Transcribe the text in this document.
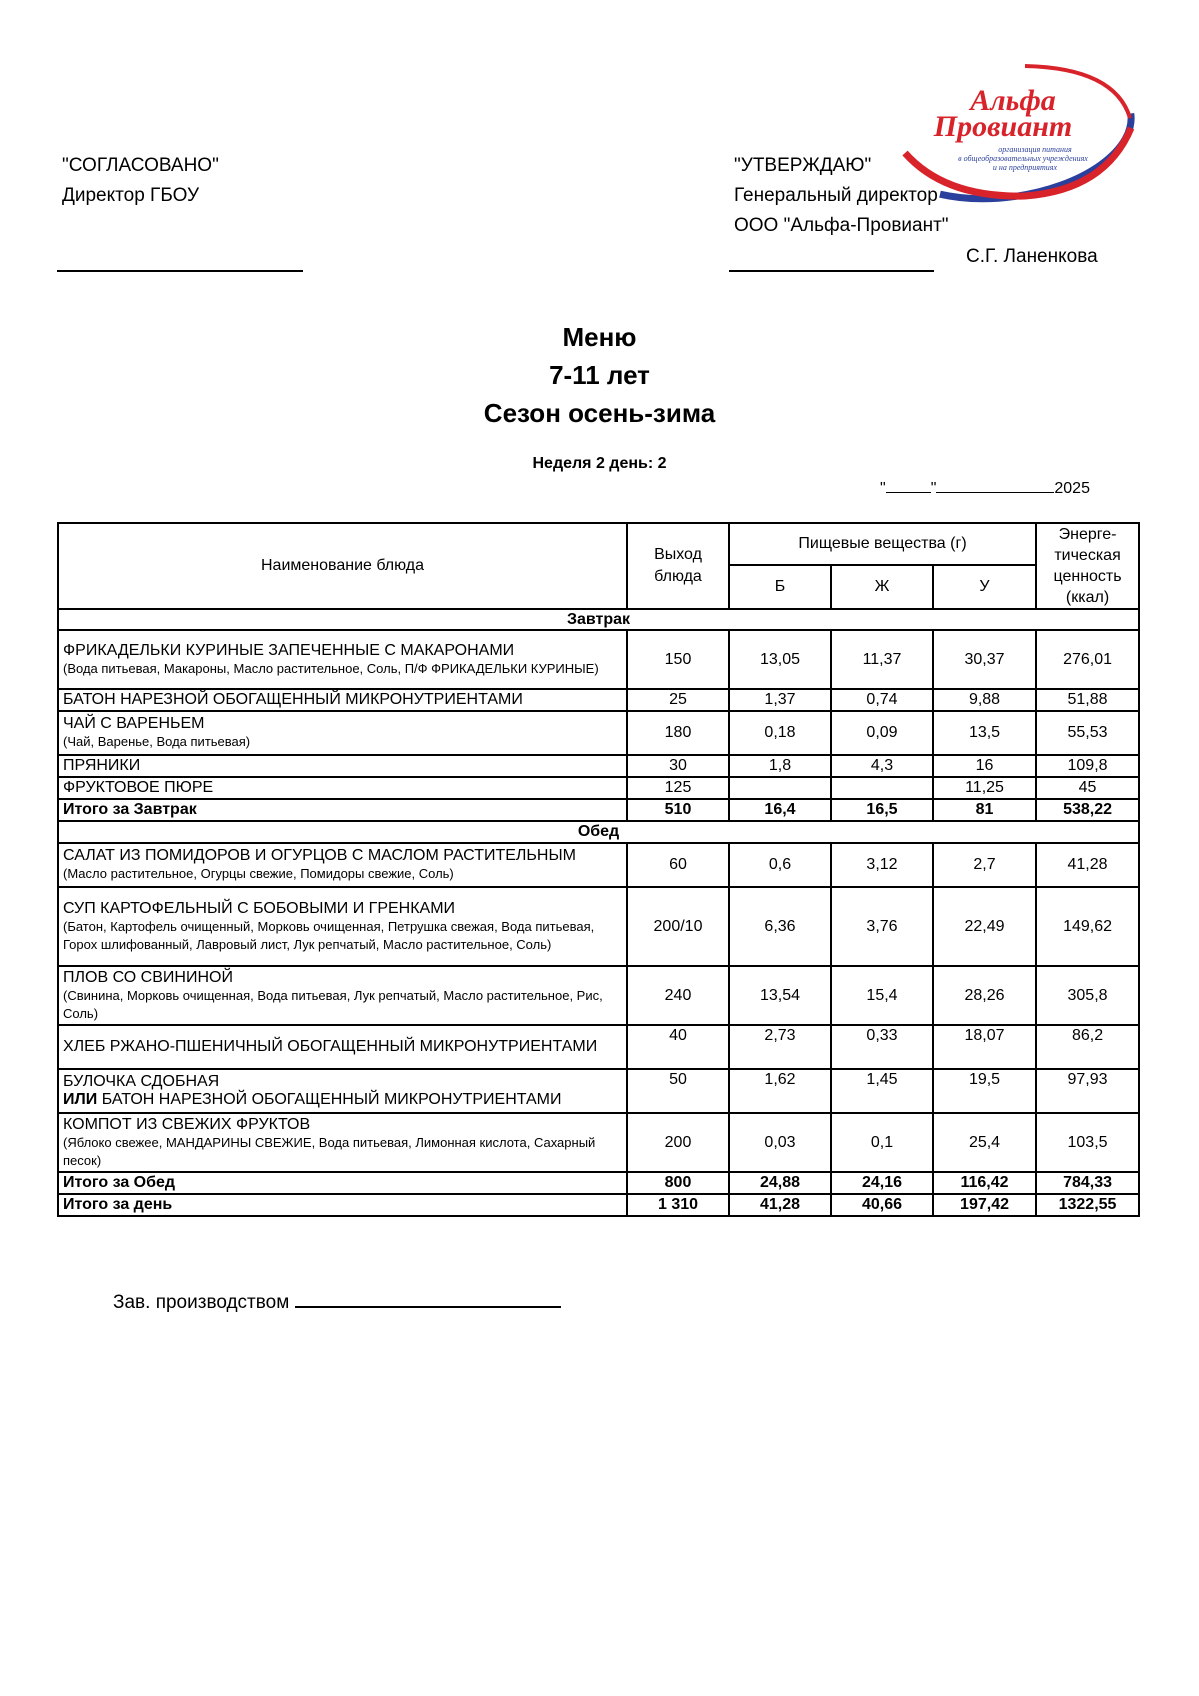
"СОГЛАСОВАНО"
Директор ГБОУ
"УТВЕРЖДАЮ"
Генеральный директор
ООО "Альфа-Провиант"
С.Г. Ланенкова
Альфа
Провиант
организация питания
в общеобразовательных учреждениях
и на предприятиях
Меню
7-11 лет
Сезон осень-зима
Неделя 2 день: 2
"	"	2025
Наименование блюда	Выход блюда	Пищевые вещества (г)			Энерге-тическая ценность (ккал)
		Б	Ж	У	
Завтрак					

ФРИКАДЕЛЬКИ КУРИНЫЕ ЗАПЕЧЕННЫЕ С МАКАРОНАМИ
(Вода питьевая, Макароны, Масло растительное, Соль, П/Ф ФРИКАДЕЛЬКИ КУРИНЫЕ)	150	13,05	11,37	30,37	276,01

БАТОН НАРЕЗНОЙ ОБОГАЩЕННЫЙ МИКРОНУТРИЕНТАМИ	25	1,37	0,74	9,88	51,88

ЧАЙ С ВАРЕНЬЕМ
(Чай, Варенье, Вода питьевая)	180	0,18	0,09	13,5	55,53

ПРЯНИКИ	30	1,8	4,3	16	109,8

ФРУКТОВОЕ ПЮРЕ	125			11,25	45
Итого за Завтрак	510	16,4	16,5	81	538,22
Обед					

САЛАТ ИЗ ПОМИДОРОВ И ОГУРЦОВ С МАСЛОМ РАСТИТЕЛЬНЫМ
(Масло растительное, Огурцы свежие, Помидоры свежие, Соль)	60	0,6	3,12	2,7	41,28

СУП КАРТОФЕЛЬНЫЙ С БОБОВЫМИ И ГРЕНКАМИ
(Батон, Картофель очищенный, Морковь очищенная, Петрушка свежая, Вода питьевая, Горох шлифованный, Лавровый лист, Лук репчатый, Масло растительное, Соль)	200/10	6,36	3,76	22,49	149,62

ПЛОВ СО СВИНИНОЙ
(Свинина, Морковь очищенная, Вода питьевая, Лук репчатый, Масло растительное, Рис, Соль)	240	13,54	15,4	28,26	305,8

ХЛЕБ РЖАНО-ПШЕНИЧНЫЙ ОБОГАЩЕННЫЙ МИКРОНУТРИЕНТАМИ	40	2,73	0,33	18,07	86,2

БУЛОЧКА СДОБНАЯ
ИЛИ БАТОН НАРЕЗНОЙ ОБОГАЩЕННЫЙ МИКРОНУТРИЕНТАМИ	50	1,62	1,45	19,5	97,93

КОМПОТ ИЗ СВЕЖИХ ФРУКТОВ
(Яблоко свежее, МАНДАРИНЫ СВЕЖИЕ, Вода питьевая, Лимонная кислота, Сахарный песок)	200	0,03	0,1	25,4	103,5
Итого за Обед	800	24,88	24,16	116,42	784,33
Итого за день	1 310	41,28	40,66	197,42	1322,55
Зав. производством
